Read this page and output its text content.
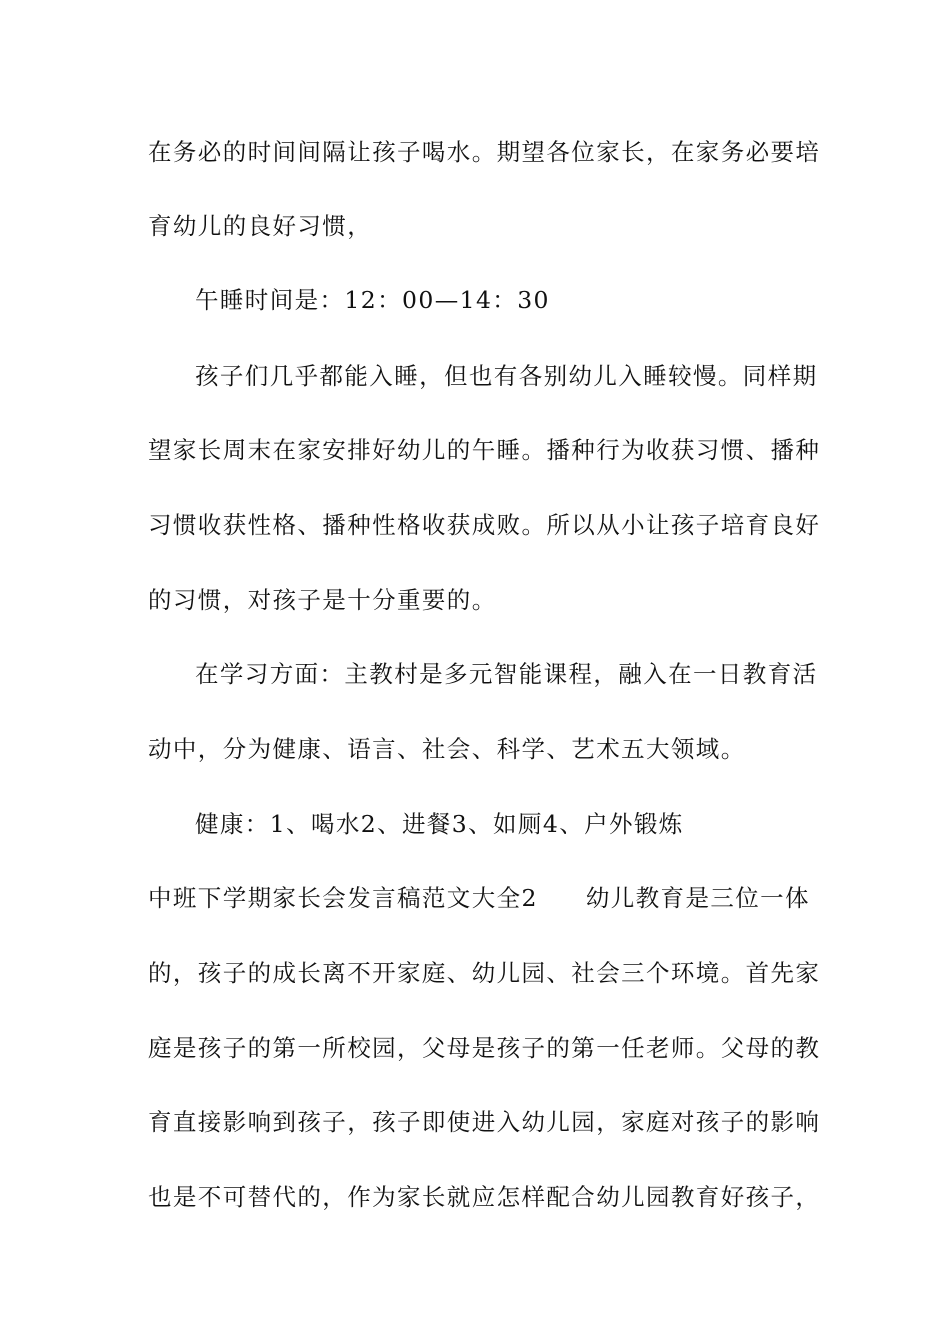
在务必的时间间隔让孩子喝水。期望各位家长，在家务必要培
育幼儿的良好习惯，
午睡时间是：12：00—14：30
孩子们几乎都能入睡，但也有各别幼儿入睡较慢。同样期
望家长周末在家安排好幼儿的午睡。播种行为收获习惯、播种
习惯收获性格、播种性格收获成败。所以从小让孩子培育良好
的习惯，对孩子是十分重要的。
在学习方面：主教村是多元智能课程，融入在一日教育活
动中，分为健康、语言、社会、科学、艺术五大领域。
健康：1、喝水2、进餐3、如厕4、户外锻炼
中班下学期家长会发言稿范文大全2 幼儿教育是三位一体
的，孩子的成长离不开家庭、幼儿园、社会三个环境。首先家
庭是孩子的第一所校园，父母是孩子的第一任老师。父母的教
育直接影响到孩子，孩子即使进入幼儿园，家庭对孩子的影响
也是不可替代的，作为家长就应怎样配合幼儿园教育好孩子，
